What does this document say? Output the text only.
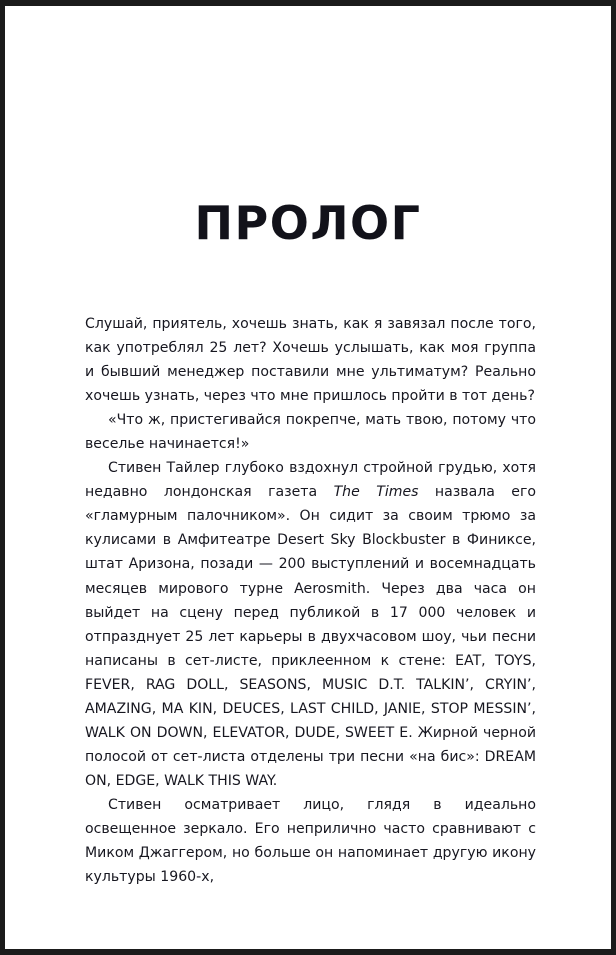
ПРОЛОГ

Слушай, приятель, хочешь знать, как я завязал после того, как употреблял 25 лет? Хочешь услышать, как моя группа и бывший менеджер поставили мне ультиматум? Реально хочешь узнать, через что мне пришлось пройти в тот день?

«Что ж, пристегивайся покрепче, мать твою, потому что веселье начинается!»

Стивен Тайлер глубоко вздохнул стройной грудью, хотя недавно лондонская газета The Times назвала его «гламурным палочником». Он сидит за своим трюмо за кулисами в Амфитеатре Desert Sky Blockbuster в Финиксе, штат Аризона, позади — 200 выступлений и восемнадцать месяцев мирового турне Aerosmith. Через два часа он выйдет на сцену перед публикой в 17 000 человек и отпразднует 25 лет карьеры в двухчасовом шоу, чьи песни написаны в сет-листе, приклеенном к стене: EAT, TOYS, FEVER, RAG DOLL, SEASONS, MUSIC D.T. TALKIN’, CRYIN’, AMAZING, MA KIN, DEUCES, LAST CHILD, JANIE, STOP MESSIN’, WALK ON DOWN, ELEVATOR, DUDE, SWEET E. Жирной черной полосой от сет-листа отделены три песни «на бис»: DREAM ON, EDGE, WALK THIS WAY.

Стивен осматривает лицо, глядя в идеально освещенное зеркало. Его неприлично часто сравнивают с Миком Джаггером, но больше он напоминает другую икону культуры 1960-х,
